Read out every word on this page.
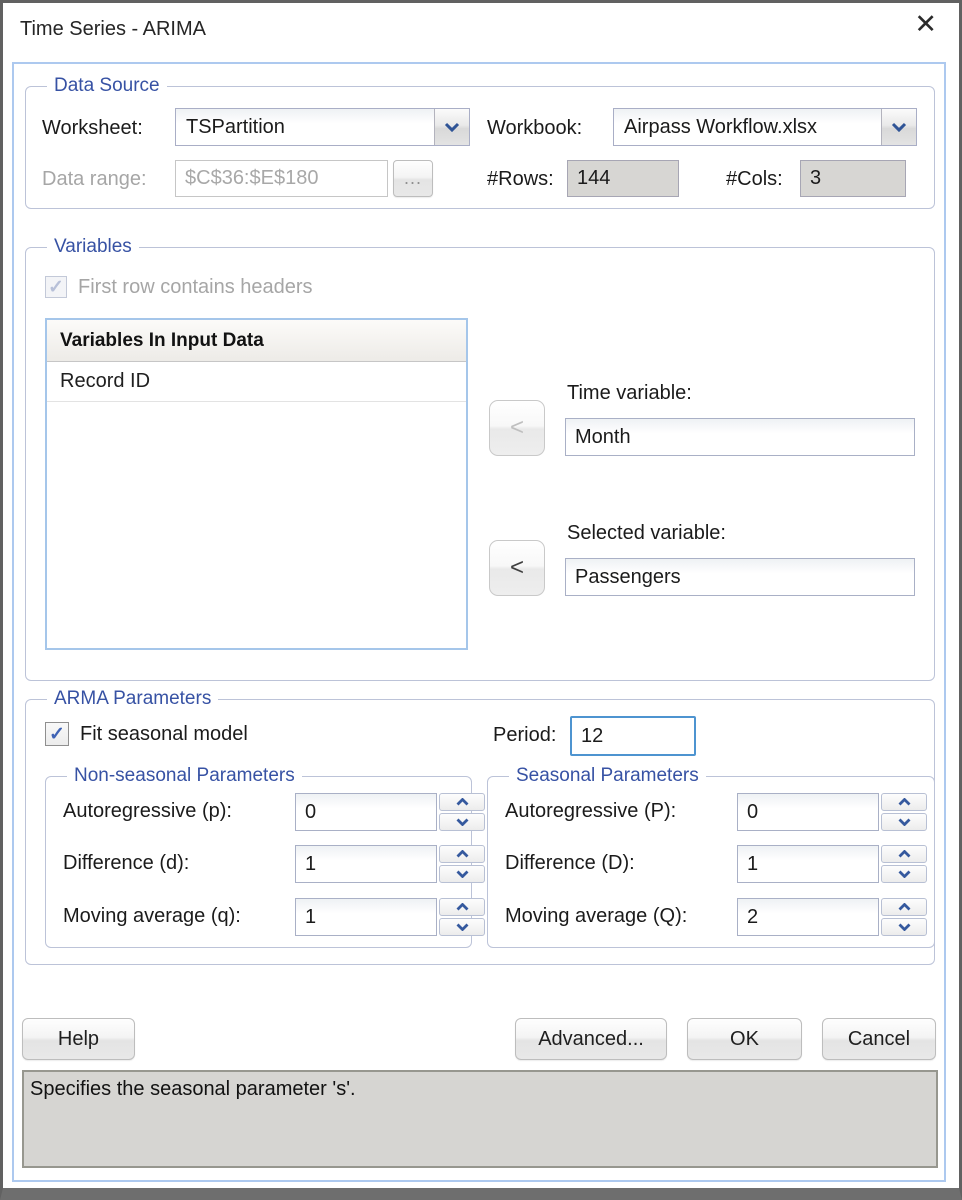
Time Series - ARIMA	✕
Data Source
Worksheet: TSPartition	Workbook: Airpass Workflow.xlsx
Data range:	$C$36:$E$180	...	#Rows:	144	#Cols:	3
Variables
✓ First row contains headers
Variables In Input Data
Record ID
<
Time variable:
Month
<
Selected variable:
Passengers
ARMA Parameters
✓ Fit seasonal model	Period:	12
Non-seasonal Parameters
Autoregressive (p):	0
Difference (d):	1
Moving average (q):	1
Seasonal Parameters
Autoregressive (P):	0
Difference (D):	1
Moving average (Q):	2
Help	Advanced...	OK	Cancel
Specifies the seasonal parameter 's'.
